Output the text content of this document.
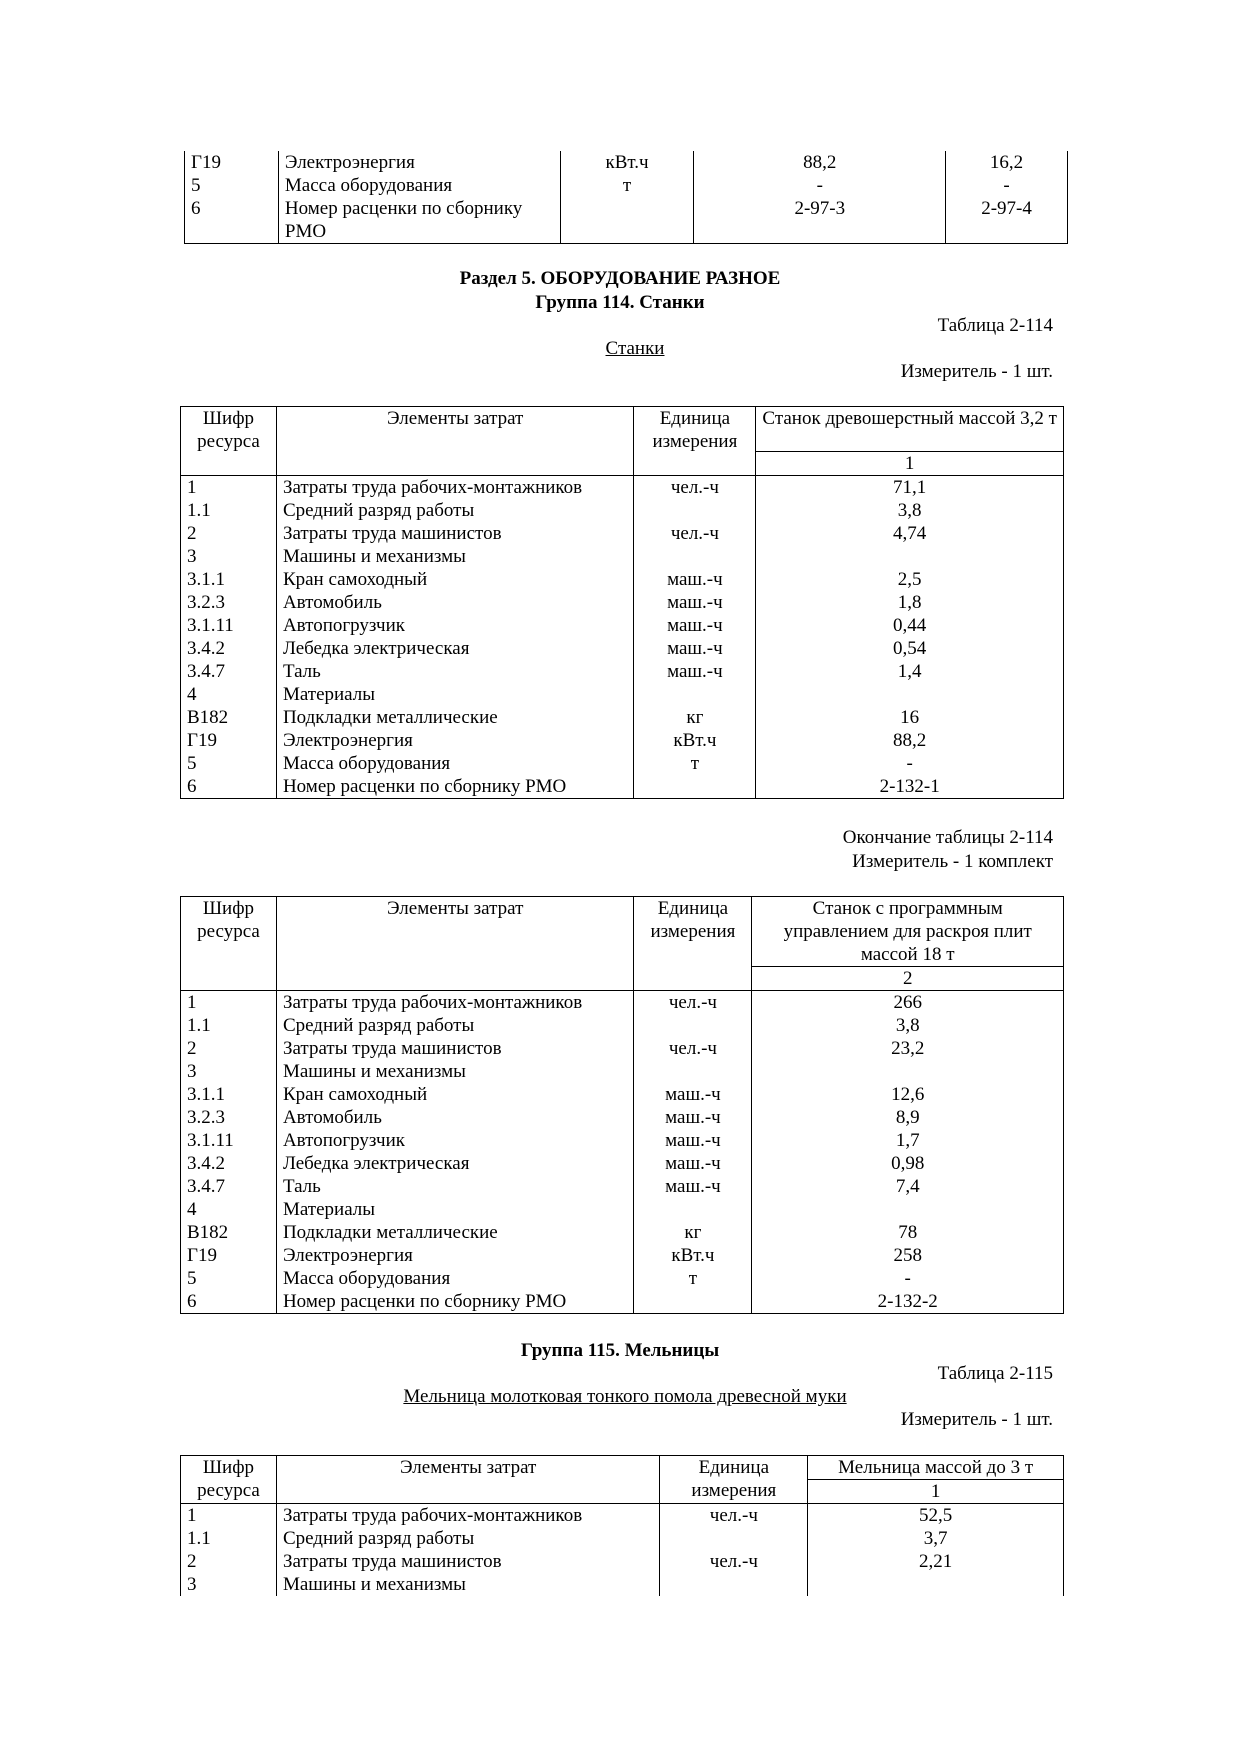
Г19	Электроэнергия	кВт.ч	88,2	16,2
5	Масса оборудования	т	-	-
6	Номер расценки по сборнику РМО		2-97-3	2-97-4
Раздел 5. ОБОРУДОВАНИЕ РАЗНОЕ
Группа 114. Станки
Таблица 2-114
Станки
Измеритель - 1 шт.
Шифр ресурса	Элементы затрат	Единица измерения	Станок древошерстный массой 3,2 т
			1
1	Затраты труда рабочих-монтажников	чел.-ч	71,1
1.1	Средний разряд работы		3,8
2	Затраты труда машинистов	чел.-ч	4,74
3	Машины и механизмы		
3.1.1	Кран самоходный	маш.-ч	2,5
3.2.3	Автомобиль	маш.-ч	1,8
3.1.11	Автопогрузчик	маш.-ч	0,44
3.4.2	Лебедка электрическая	маш.-ч	0,54
3.4.7	Таль	маш.-ч	1,4
4	Материалы		
В182	Подкладки металлические	кг	16
Г19	Электроэнергия	кВт.ч	88,2
5	Масса оборудования	т	-
6	Номер расценки по сборнику РМО		2-132-1
Окончание таблицы 2-114
Измеритель - 1 комплект
Шифр ресурса	Элементы затрат	Единица измерения	Станок с программным управлением для раскроя плит массой 18 т
			2
1	Затраты труда рабочих-монтажников	чел.-ч	266
1.1	Средний разряд работы		3,8
2	Затраты труда машинистов	чел.-ч	23,2
3	Машины и механизмы		
3.1.1	Кран самоходный	маш.-ч	12,6
3.2.3	Автомобиль	маш.-ч	8,9
3.1.11	Автопогрузчик	маш.-ч	1,7
3.4.2	Лебедка электрическая	маш.-ч	0,98
3.4.7	Таль	маш.-ч	7,4
4	Материалы		
В182	Подкладки металлические	кг	78
Г19	Электроэнергия	кВт.ч	258
5	Масса оборудования	т	-
6	Номер расценки по сборнику РМО		2-132-2
Группа 115. Мельницы
Таблица 2-115
Мельница молотковая тонкого помола древесной муки
Измеритель - 1 шт.
Шифр ресурса	Элементы затрат	Единица измерения	Мельница массой до 3 т
			1
1	Затраты труда рабочих-монтажников	чел.-ч	52,5
1.1	Средний разряд работы		3,7
2	Затраты труда машинистов	чел.-ч	2,21
3	Машины и механизмы		
